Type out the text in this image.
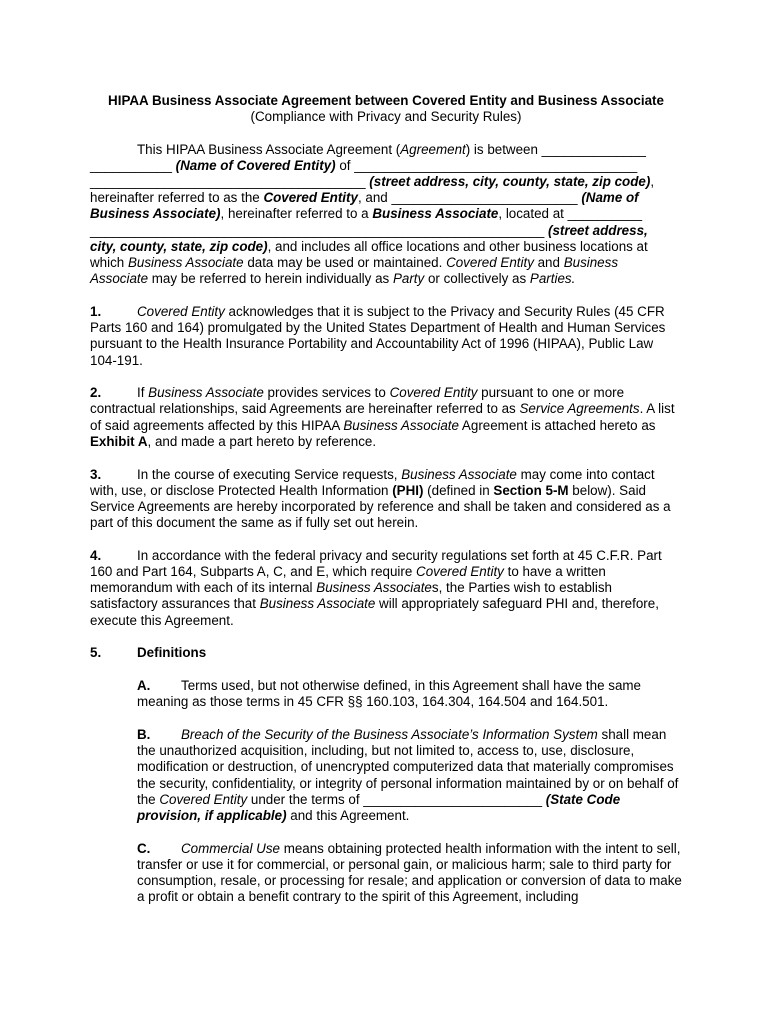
HIPAA Business Associate Agreement between Covered Entity and Business Associate
(Compliance with Privacy and Security Rules)

This HIPAA Business Associate Agreement (Agreement) is between ______________
___________ (Name of Covered Entity) of ______________________________________
_____________________________________ (street address, city, county, state, zip code),
hereinafter referred to as the Covered Entity, and _________________________ (Name of
Business Associate), hereinafter referred to a Business Associate, located at __________
_____________________________________________________________ (street address,
city, county, state, zip code), and includes all office locations and other business locations at
which Business Associate data may be used or maintained. Covered Entity and Business
Associate may be referred to herein individually as Party or collectively as Parties.

1.	Covered Entity acknowledges that it is subject to the Privacy and Security Rules (45 CFR Parts 160 and 164) promulgated by the United States Department of Health and Human Services pursuant to the Health Insurance Portability and Accountability Act of 1996 (HIPAA), Public Law 104-191.

2.	If Business Associate provides services to Covered Entity pursuant to one or more contractual relationships, said Agreements are hereinafter referred to as Service Agreements. A list of said agreements affected by this HIPAA Business Associate Agreement is attached hereto as Exhibit A, and made a part hereto by reference.

3.	In the course of executing Service requests, Business Associate may come into contact with, use, or disclose Protected Health Information (PHI) (defined in Section 5-M below). Said Service Agreements are hereby incorporated by reference and shall be taken and considered as a part of this document the same as if fully set out herein.

4.	In accordance with the federal privacy and security regulations set forth at 45 C.F.R. Part 160 and Part 164, Subparts A, C, and E, which require Covered Entity to have a written memorandum with each of its internal Business Associates, the Parties wish to establish satisfactory assurances that Business Associate will appropriately safeguard PHI and, therefore, execute this Agreement.

5.	Definitions

A. Terms used, but not otherwise defined, in this Agreement shall have the same meaning as those terms in 45 CFR §§ 160.103, 164.304, 164.504 and 164.501.

B. Breach of the Security of the Business Associate’s Information System shall mean the unauthorized acquisition, including, but not limited to, access to, use, disclosure, modification or destruction, of unencrypted computerized data that materially compromises the security, confidentiality, or integrity of personal information maintained by or on behalf of the Covered Entity under the terms of ________________________ (State Code provision, if applicable) and this Agreement.

C. Commercial Use means obtaining protected health information with the intent to sell, transfer or use it for commercial, or personal gain, or malicious harm; sale to third party for consumption, resale, or processing for resale; and application or conversion of data to make a profit or obtain a benefit contrary to the spirit of this Agreement, including
